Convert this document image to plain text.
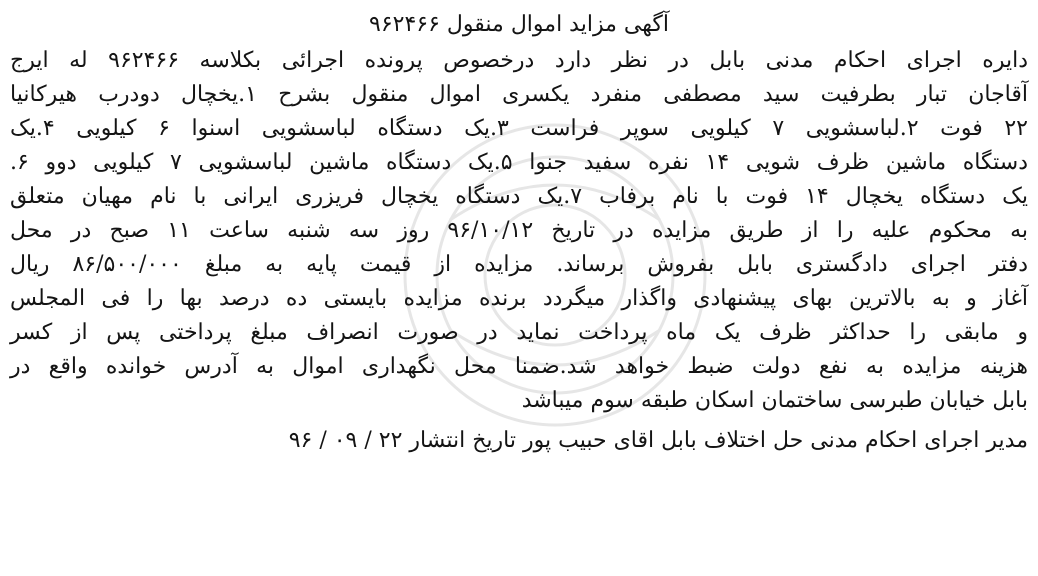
آگهی مزاید اموال منقول ۹۶۲۴۶۶
دایره اجرای احکام مدنی بابل در نظر دارد درخصوص پرونده اجرائی بکلاسه ۹۶۲۴۶۶ له ایرج
آقاجان تبار بطرفیت سید مصطفی منفرد یکسری اموال منقول بشرح ۱.یخچال دودرب هیرکانیا
۲۲ فوت ۲.لباسشویی ۷ کیلویی سوپر فراست ۳.یک دستگاه لباسشویی اسنوا ۶ کیلویی ۴.یک
دستگاه ماشین ظرف شویی ۱۴ نفره سفید جنوا ۵.یک دستگاه ماشین لباسشویی ۷ کیلویی دوو ۶.
یک دستگاه یخچال ۱۴ فوت با نام برفاب ۷.یک دستگاه یخچال فریزری ایرانی با نام مهیان متعلق
به محکوم علیه را از طریق مزایده در تاریخ ۹۶/۱۰/۱۲ روز سه شنبه ساعت ۱۱ صبح در محل
دفتر اجرای دادگستری بابل بفروش برساند. مزایده از قیمت پایه به مبلغ ۸۶/۵۰۰/۰۰۰ ریال
آغاز و به بالاترین بهای پیشنهادی واگذار میگردد برنده مزایده بایستی ده درصد بها را فی المجلس
و مابقی را حداکثر ظرف یک ماه پرداخت نماید در صورت انصراف مبلغ پرداختی پس از کسر
هزینه مزایده به نفع دولت ضبط خواهد شد.ضمنا محل نگهداری اموال به آدرس خوانده واقع در
بابل خیابان طبرسی ساختمان اسکان طبقه سوم میباشد
مدیر اجرای احکام مدنی حل اختلاف بابل اقای حبیب پور تاریخ انتشار ۲۲ / ۰۹ / ۹۶
